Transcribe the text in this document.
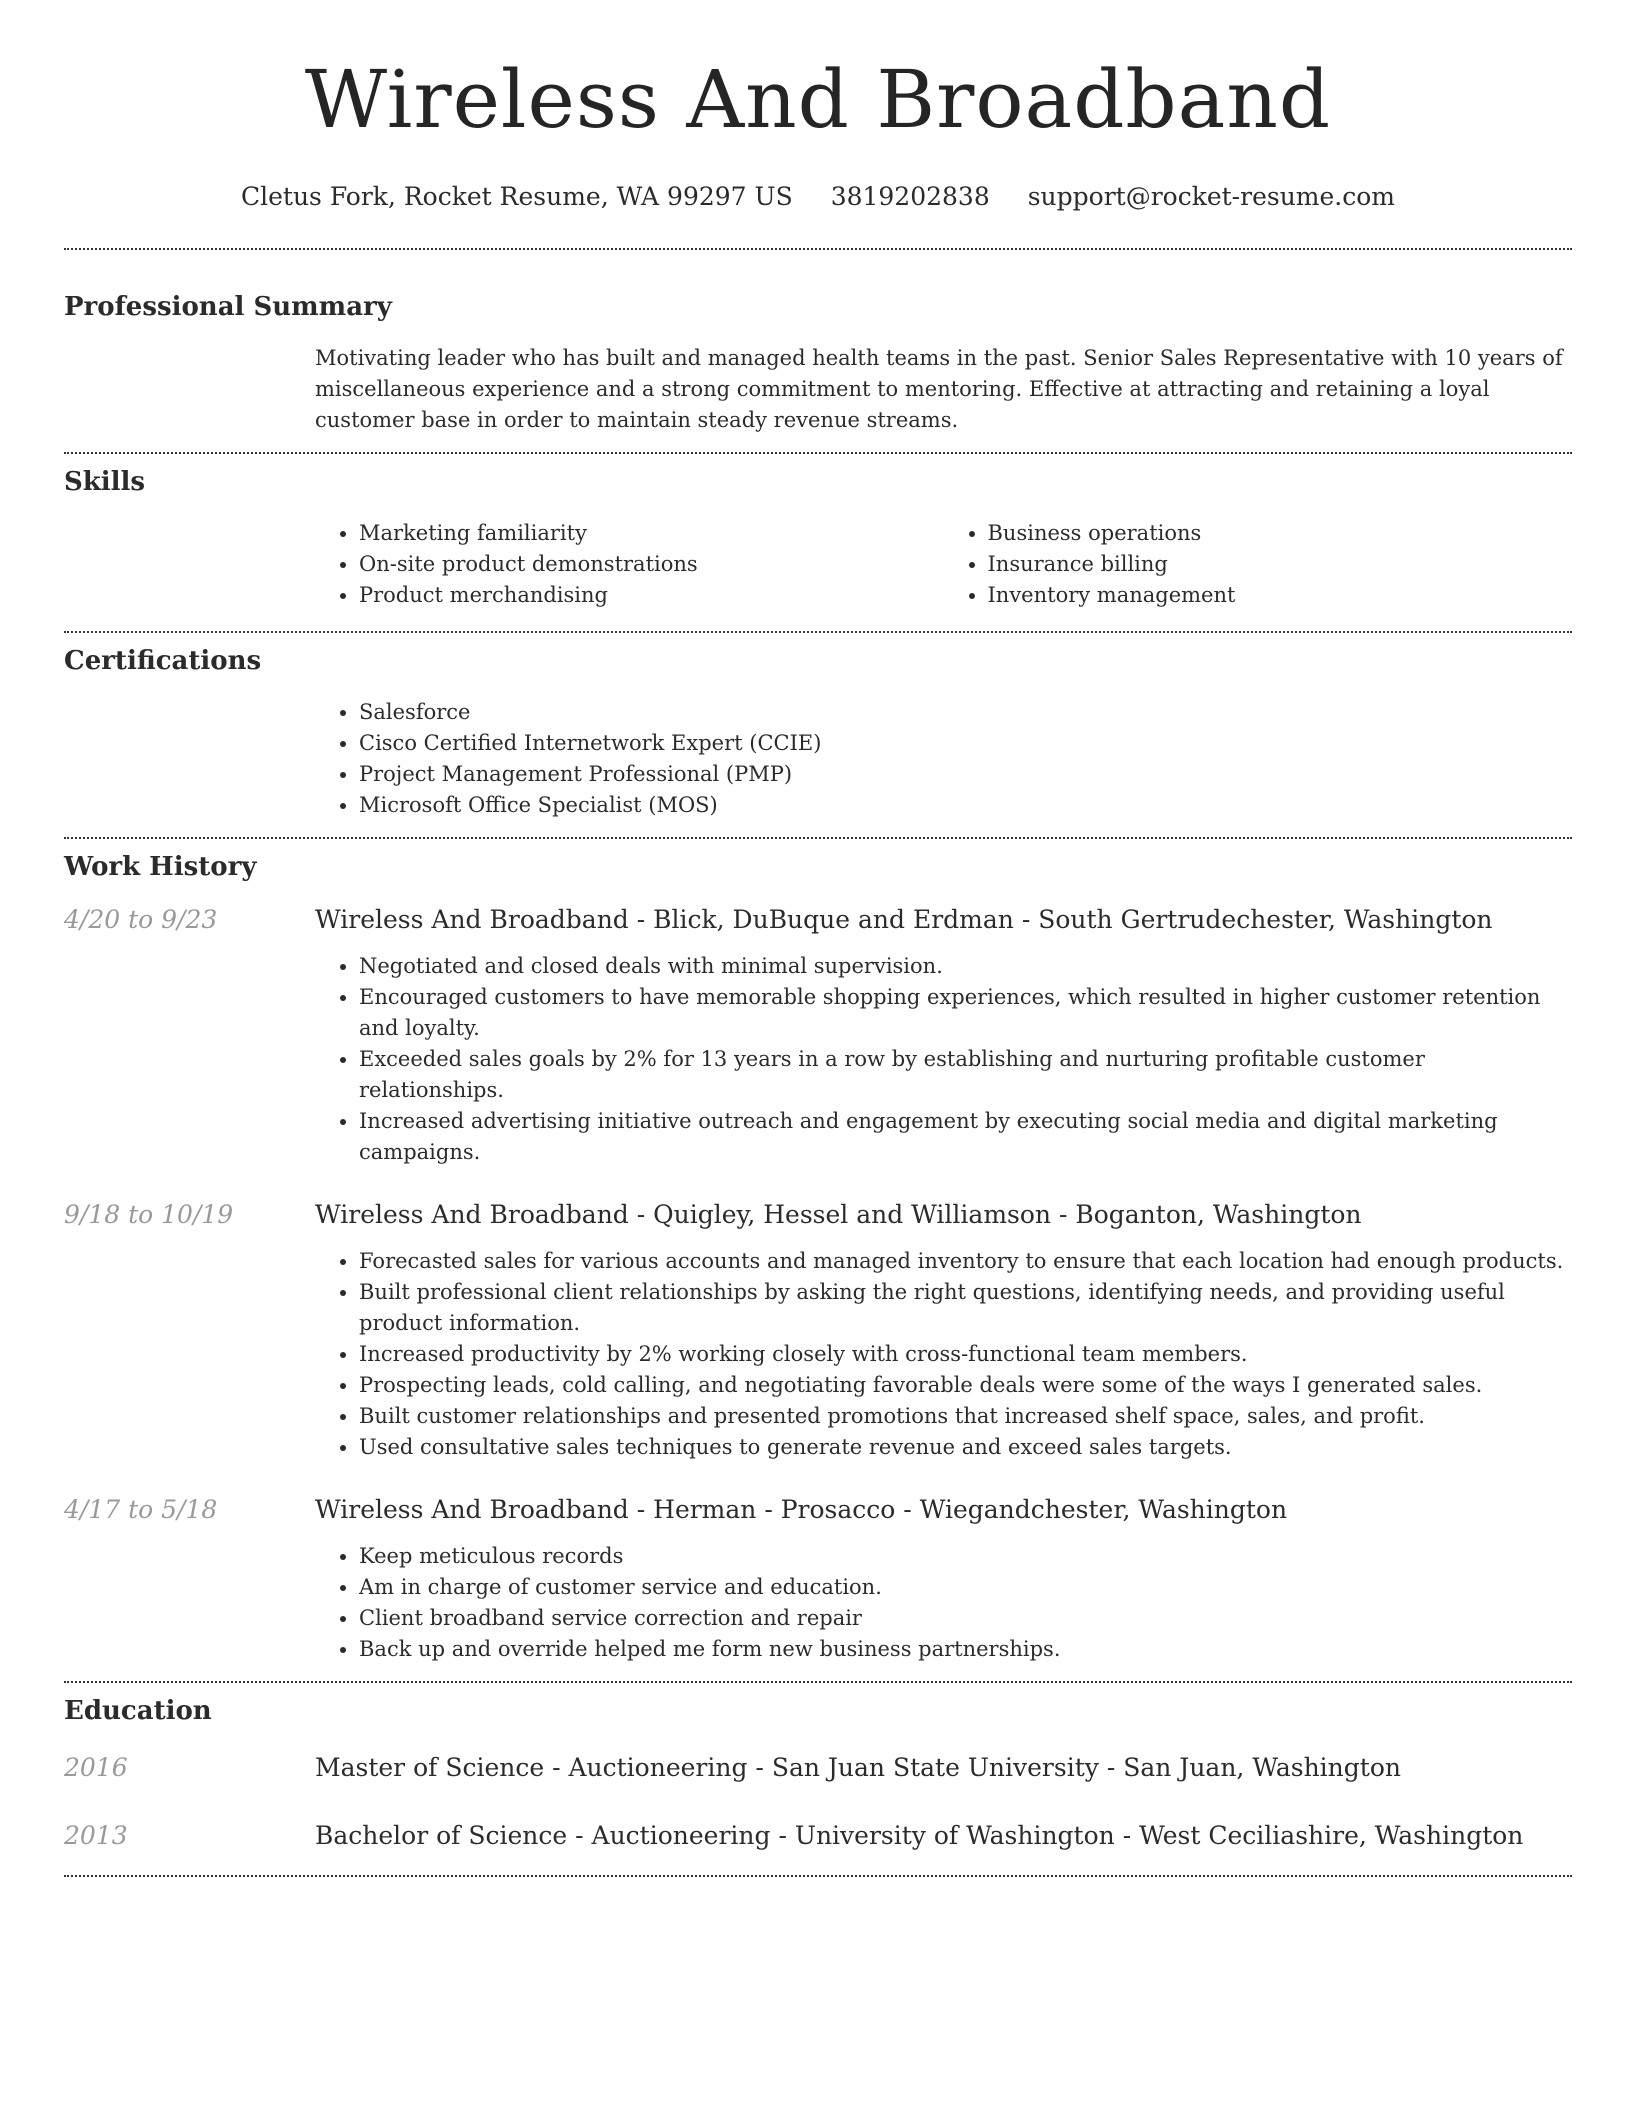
Wireless And Broadband
Cletus Fork, Rocket Resume, WA 99297 US 3819202838 support@rocket-resume.com
Professional Summary
Motivating leader who has built and managed health teams in the past. Senior Sales Representative with 10 years of miscellaneous experience and a strong commitment to mentoring. Effective at attracting and retaining a loyal customer base in order to maintain steady revenue streams.
Skills
• Marketing familiarity
• On-site product demonstrations
• Product merchandising
• Business operations
• Insurance billing
• Inventory management
Certifications
• Salesforce
• Cisco Certified Internetwork Expert (CCIE)
• Project Management Professional (PMP)
• Microsoft Office Specialist (MOS)
Work History
4/20 to 9/23	Wireless And Broadband - Blick, DuBuque and Erdman - South Gertrudechester, Washington
• Negotiated and closed deals with minimal supervision.
• Encouraged customers to have memorable shopping experiences, which resulted in higher customer retention and loyalty.
• Exceeded sales goals by 2% for 13 years in a row by establishing and nurturing profitable customer relationships.
• Increased advertising initiative outreach and engagement by executing social media and digital marketing campaigns.
9/18 to 10/19	Wireless And Broadband - Quigley, Hessel and Williamson - Boganton, Washington
• Forecasted sales for various accounts and managed inventory to ensure that each location had enough products.
• Built professional client relationships by asking the right questions, identifying needs, and providing useful product information.
• Increased productivity by 2% working closely with cross-functional team members.
• Prospecting leads, cold calling, and negotiating favorable deals were some of the ways I generated sales.
• Built customer relationships and presented promotions that increased shelf space, sales, and profit.
• Used consultative sales techniques to generate revenue and exceed sales targets.
4/17 to 5/18	Wireless And Broadband - Herman - Prosacco - Wiegandchester, Washington
• Keep meticulous records
• Am in charge of customer service and education.
• Client broadband service correction and repair
• Back up and override helped me form new business partnerships.
Education
2016	Master of Science - Auctioneering - San Juan State University - San Juan, Washington
2013	Bachelor of Science - Auctioneering - University of Washington - West Ceciliashire, Washington
